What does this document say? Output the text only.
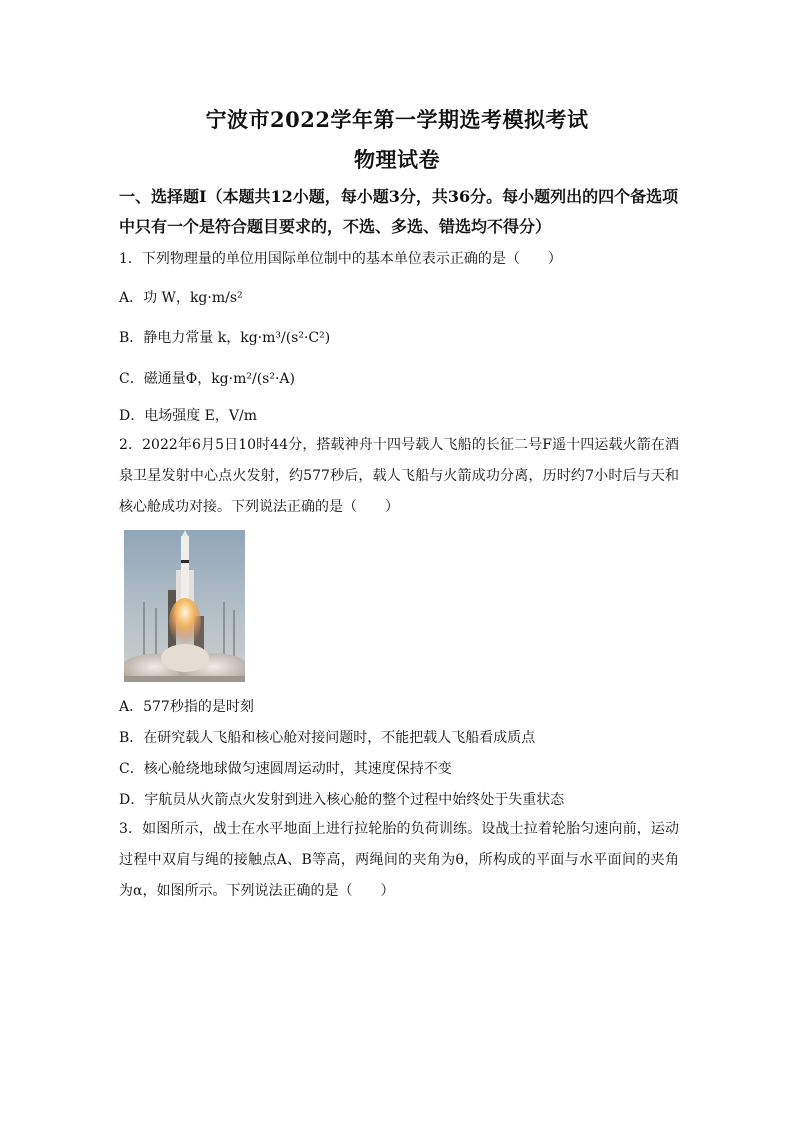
宁波市2022学年第一学期选考模拟考试
物理试卷
一、选择题Ⅰ（本题共12小题，每小题3分，共36分。每小题列出的四个备选项中只有一个是符合题目要求的，不选、多选、错选均不得分）
1．下列物理量的单位用国际单位制中的基本单位表示正确的是（　　）
A．功 W，kg·m/s²
B．静电力常量 k，kg·m³/(s²·C²)
C．磁通量Φ，kg·m²/(s²·A)
D．电场强度 E，V/m
2．2022年6月5日10时44分，搭载神舟十四号载人飞船的长征二号F遥十四运载火箭在酒泉卫星发射中心点火发射，约577秒后，载人飞船与火箭成功分离，历时约7小时后与天和核心舱成功对接。下列说法正确的是（　　）
A．577秒指的是时刻
B．在研究载人飞船和核心舱对接问题时，不能把载人飞船看成质点
C．核心舱绕地球做匀速圆周运动时，其速度保持不变
D．宇航员从火箭点火发射到进入核心舱的整个过程中始终处于失重状态
3．如图所示，战士在水平地面上进行拉轮胎的负荷训练。设战士拉着轮胎匀速向前，运动过程中双肩与绳的接触点A、B等高，两绳间的夹角为θ，所构成的平面与水平面间的夹角为α，如图所示。下列说法正确的是（　　）
